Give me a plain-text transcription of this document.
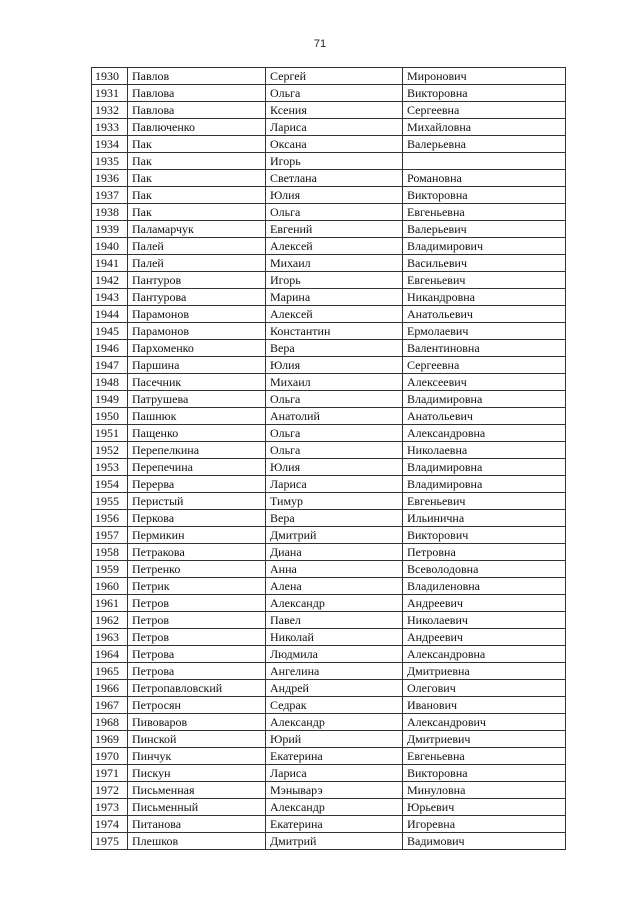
71
1930	Павлов	Сергей	Миронович
1931	Павлова	Ольга	Викторовна
1932	Павлова	Ксения	Сергеевна
1933	Павлюченко	Лариса	Михайловна
1934	Пак	Оксана	Валерьевна
1935	Пак	Игорь	
1936	Пак	Светлана	Романовна
1937	Пак	Юлия	Викторовна
1938	Пак	Ольга	Евгеньевна
1939	Паламарчук	Евгений	Валерьевич
1940	Палей	Алексей	Владимирович
1941	Палей	Михаил	Васильевич
1942	Пантуров	Игорь	Евгеньевич
1943	Пантурова	Марина	Никандровна
1944	Парамонов	Алексей	Анатольевич
1945	Парамонов	Константин	Ермолаевич
1946	Пархоменко	Вера	Валентиновна
1947	Паршина	Юлия	Сергеевна
1948	Пасечник	Михаил	Алексеевич
1949	Патрушева	Ольга	Владимировна
1950	Пашнюк	Анатолий	Анатольевич
1951	Пащенко	Ольга	Александровна
1952	Перепелкина	Ольга	Николаевна
1953	Перепечина	Юлия	Владимировна
1954	Перерва	Лариса	Владимировна
1955	Перистый	Тимур	Евгеньевич
1956	Перкова	Вера	Ильинична
1957	Пермикин	Дмитрий	Викторович
1958	Петракова	Диана	Петровна
1959	Петренко	Анна	Всеволодовна
1960	Петрик	Алена	Владиленовна
1961	Петров	Александр	Андреевич
1962	Петров	Павел	Николаевич
1963	Петров	Николай	Андреевич
1964	Петрова	Людмила	Александровна
1965	Петрова	Ангелина	Дмитриевна
1966	Петропавловский	Андрей	Олегович
1967	Петросян	Седрак	Иванович
1968	Пивоваров	Александр	Александрович
1969	Пинской	Юрий	Дмитриевич
1970	Пинчук	Екатерина	Евгеньевна
1971	Пискун	Лариса	Викторовна
1972	Письменная	Мэныварэ	Минуловна
1973	Письменный	Александр	Юрьевич
1974	Питанова	Екатерина	Игоревна
1975	Плешков	Дмитрий	Вадимович
